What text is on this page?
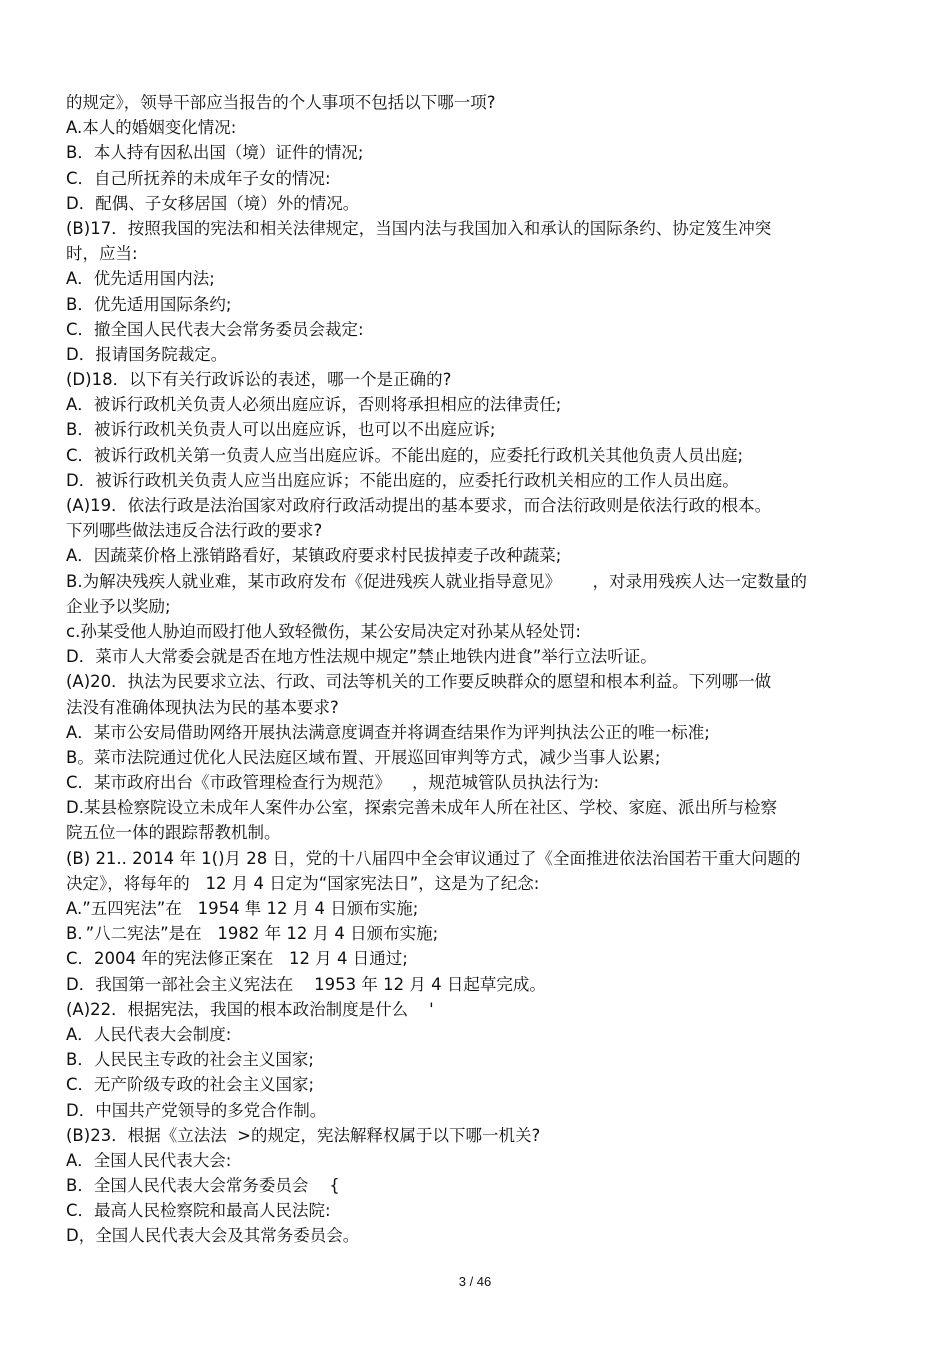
的规定》，领导干部应当报告的个人事项不包括以下哪一项?
A.本人的婚姻变化情况:
B．本人持有因私出国（境）证件的情况;
C．自己所抚养的未成年子女的情况:
D．配偶、子女移居国（境）外的情况。
(B)17．按照我国的宪法和相关法律规定，当国内法与我国加入和承认的国际条约、协定笈生冲突
时，应当:
A．优先适用国内法;
B．优先适用国际条约;
C．撤全国人民代表大会常务委员会裁定:
D．报请国务院裁定。
(D)18．以下有关行政诉讼的表述，哪一个是正确的?
A．被诉行政机关负责人必须出庭应诉，否则将承担相应的法律责任;
B．被诉行政机关负责人可以出庭应诉，也可以不出庭应诉;
C．被诉行政机关第一负责人应当出庭应诉。不能出庭的，应委托行政机关其他负责人员出庭;
D．被诉行政机关负责人应当出庭应诉；不能出庭的，应委托行政机关相应的工作人员出庭。
(A)19．依法行政是法治国家对政府行政活动提出的基本要求，而合法衍政则是依法行政的根本。
下列哪些做法违反合法行政的要求?
A．因蔬菜价格上涨销路看好，某镇政府要求村民拔掉麦子改种蔬菜;
B.为解决残疾人就业难，某市政府发布《促进残疾人就业指导意见》      ，对录用残疾人达一定数量的
企业予以奖励;
c.孙某受他人胁迫而殴打他人致轻微伤，某公安局决定对孙某从轻处罚:
D．菜市人大常委会就是否在地方性法规中规定”禁止地铁内进食”举行立法听证。
(A)20．执法为民要求立法、行政、司法等机关的工作要反映群众的愿望和根本利益。下列哪一做
法没有准确体现执法为民的基本要求?
A．某市公安局借助网络开展执法满意度调查并将调查结果作为评判执法公正的唯一标准;
B。菜市法院通过优化人民法庭区域布置、开展巡回审判等方式，减少当事人讼累;
C．某市政府出台《市政管理检查行为规范》    ，规范城管队员执法行为:
D.某县检察院设立未成年人案件办公室，探索完善未成年人所在社区、学校、家庭、派出所与检察
院五位一体的跟踪帮教机制。
(B) 21.. 2014 年 1()月 28 日，党的十八届四中全会审议通过了《全面推进依法治国若干重大问题的
决定》，将每年的   12 月 4 日定为“国家宪法日”，这是为了纪念:
A.”五四宪法”在   1954 隼 12 月 4 日颁布实施;
B．”八二宪法”是在   1982 年 12 月 4 日颁布实施;
C．2004 年的宪法修正案在   12 月 4 日通过;
D．我国第一部社会主义宪法在    1953 年 12 月 4 日起草完成。
(A)22．根据宪法，我国的根本政治制度是什么    '
A．人民代表大会制度:
B．人民民主专政的社会主义国家;
C．无产阶级专政的社会主义国家;
D．中国共产党领导的多党合作制。
(B)23．根据《立法法  >的规定，宪法解释权属于以下哪一机关?
A．全国人民代表大会:
B．全国人民代表大会常务委员会    {
C．最高人民检察院和最高人民法院:
D，全国人民代表大会及其常务委员会。
3 / 46
